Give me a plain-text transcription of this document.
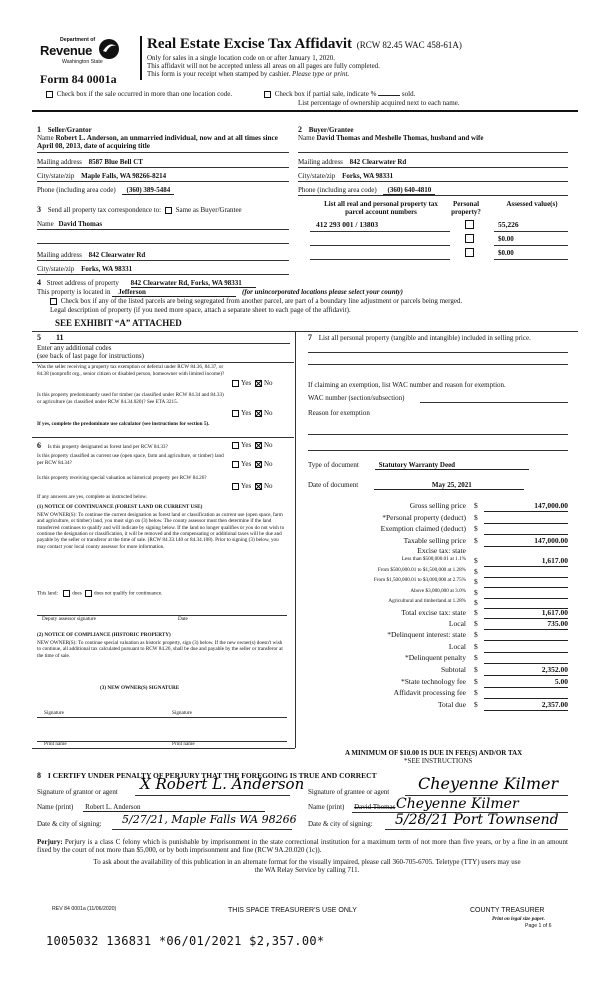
Department of
Revenue
Washington State
Form 84 0001a
Real Estate Excise Tax Affidavit (RCW 82.45 WAC 458-61A)
Only for sales in a single location code on or after January 1, 2020.
This affidavit will not be accepted unless all areas on all pages are fully completed.
This form is your receipt when stamped by cashier. Please type or print.
Check box if the sale occurred in more than one location code.	Check box if partial sale, indicate %	sold.
List percentage of ownership acquired next to each name.
1 Seller/Grantor
Name Robert L. Anderson, an unmarried individual, now and at all times since April 08, 2013, date of acquiring title
Mailing address 8587 Blue Bell CT
City/state/zip Maple Falls, WA 98266-8214
Phone (including area code) (360) 389-5484
2 Buyer/Grantee
Name David Thomas and Meshelle Thomas, husband and wife
Mailing address 842 Clearwater Rd
City/state/zip Forks, WA 98331
Phone (including area code) (360) 640-4810
3 Send all property tax correspondence to: Same as Buyer/Grantee
Name David Thomas
Mailing address 842 Clearwater Rd
City/state/zip Forks, WA 98331
List all real and personal property tax parcel account numbers
Personal property?
Assessed value(s)
412 293 001 / 13803	55,226
$0.00
$0.00
4 Street address of property 842 Clearwater Rd, Forks, WA 98331
This property is located in Jefferson	(for unincorporated locations please select your county)
Check box if any of the listed parcels are being segregated from another parcel, are part of a boundary line adjustment or parcels being merged.
Legal description of property (if you need more space, attach a separate sheet to each page of the affidavit).
SEE EXHIBIT “A” ATTACHED
5 11
Enter any additional codes
(see back of last page for instructions)
Was the seller receiving a property tax exemption or deferral under RCW 84.36, 84.37, or 84.38 (nonprofit org., senior citizen or disabled person, homeowner with limited income)?
Yes No
Is this property predominantly used for timber (as classified under RCW 84.34 and 84.33) or agriculture (as classified under RCW 84.34.020)? See ETA 3215.
Yes No
If yes, complete the predominate use calculator (see instructions for section 5).
6 Is this property designated as forest land per RCW 84.33?	Yes No
Is this property classified as current use (open space, farm and agriculture, or timber) land per RCW 84.34?	Yes No
Is this property receiving special valuation as historical property per RCW 84.26?
Yes No
If any answers are yes, complete as instructed below.
(1) NOTICE OF CONTINUANCE (FOREST LAND OR CURRENT USE)
NEW OWNER(S): To continue the current designation as forest land or classification as current use (open space, farm and agriculture, or timber) land, you must sign on (3) below. The county assessor must then determine if the land transferred continues to qualify and will indicate by signing below. If the land no longer qualifies or you do not wish to continue the designation or classification, it will be removed and the compensating or additional taxes will be due and payable by the seller or transferor at the time of sale. (RCW 84.33.140 or 84.34.108). Prior to signing (3) below, you may contact your local county assessor for more information.
This land:	does does not qualify for continuance.
Deputy assessor signature	Date
(2) NOTICE OF COMPLIANCE (HISTORIC PROPERTY)
NEW OWNER(S): To continue special valuation as historic property, sign (3) below. If the new owner(s) doesn't wish to continue, all additional tax calculated pursuant to RCW 84.26, shall be due and payable by the seller or transferor at the time of sale.
(3) NEW OWNER(S) SIGNATURE
Signature	Signature
Print name	Print name
7 List all personal property (tangible and intangible) included in selling price.
If claiming an exemption, list WAC number and reason for exemption.
WAC number (section/subsection)
Reason for exemption
Type of document	Statutory Warranty Deed
Date of document	May 25, 2021
Gross selling price $	147,000.00
*Personal property (deduct) $
Exemption claimed (deduct) $
Taxable selling price $	147,000.00
Excise tax: state
Less than $500,000.01 at 1.1% $	1,617.00
From $500,000.01 to $1,500,000 at 1.28% $
From $1,500,000.01 to $3,000,000 at 2.75% $
Above $3,000,000 at 3.0% $
Agricultural and timberland at 1.28% $
Total excise tax: state $	1,617.00
Local $	735.00
*Delinquent interest: state $
Local $
*Delinquent penalty $
Subtotal $	2,352.00
*State technology fee $	5.00
Affidavit processing fee $
Total due $	2,357.00
A MINIMUM OF $10.00 IS DUE IN FEE(S) AND/OR TAX
*SEE INSTRUCTIONS
8 I CERTIFY UNDER PENALTY OF PERJURY THAT THE FOREGOING IS TRUE AND CORRECT
Signature of grantor or agent X Robert L. Anderson Signature of grantee or agent Cheyenne Kilmer
Name (print) Robert L. Anderson	Name (print) David Thomas Cheyenne Kilmer
Date & city of signing: 5/27/21, Maple Falls WA 98266 Date & city of signing: 5/28/21 Port Townsend
Perjury: Perjury is a class C felony which is punishable by imprisonment in the state correctional institution for a maximum term of not more than five years, or by a fine in an amount fixed by the court of not more than $5,000, or by both imprisonment and fine (RCW 9A.20.020 (1c)).
To ask about the availability of this publication in an alternate format for the visually impaired, please call 360-705-6705. Teletype (TTY) users may use the WA Relay Service by calling 711.
REV 84 0001a (11/06/2020)	THIS SPACE TREASURER'S USE ONLY	COUNTY TREASURER
Print on legal size paper.
Page 1 of 6
1005032 136831 *06/01/2021 $2,357.00*
